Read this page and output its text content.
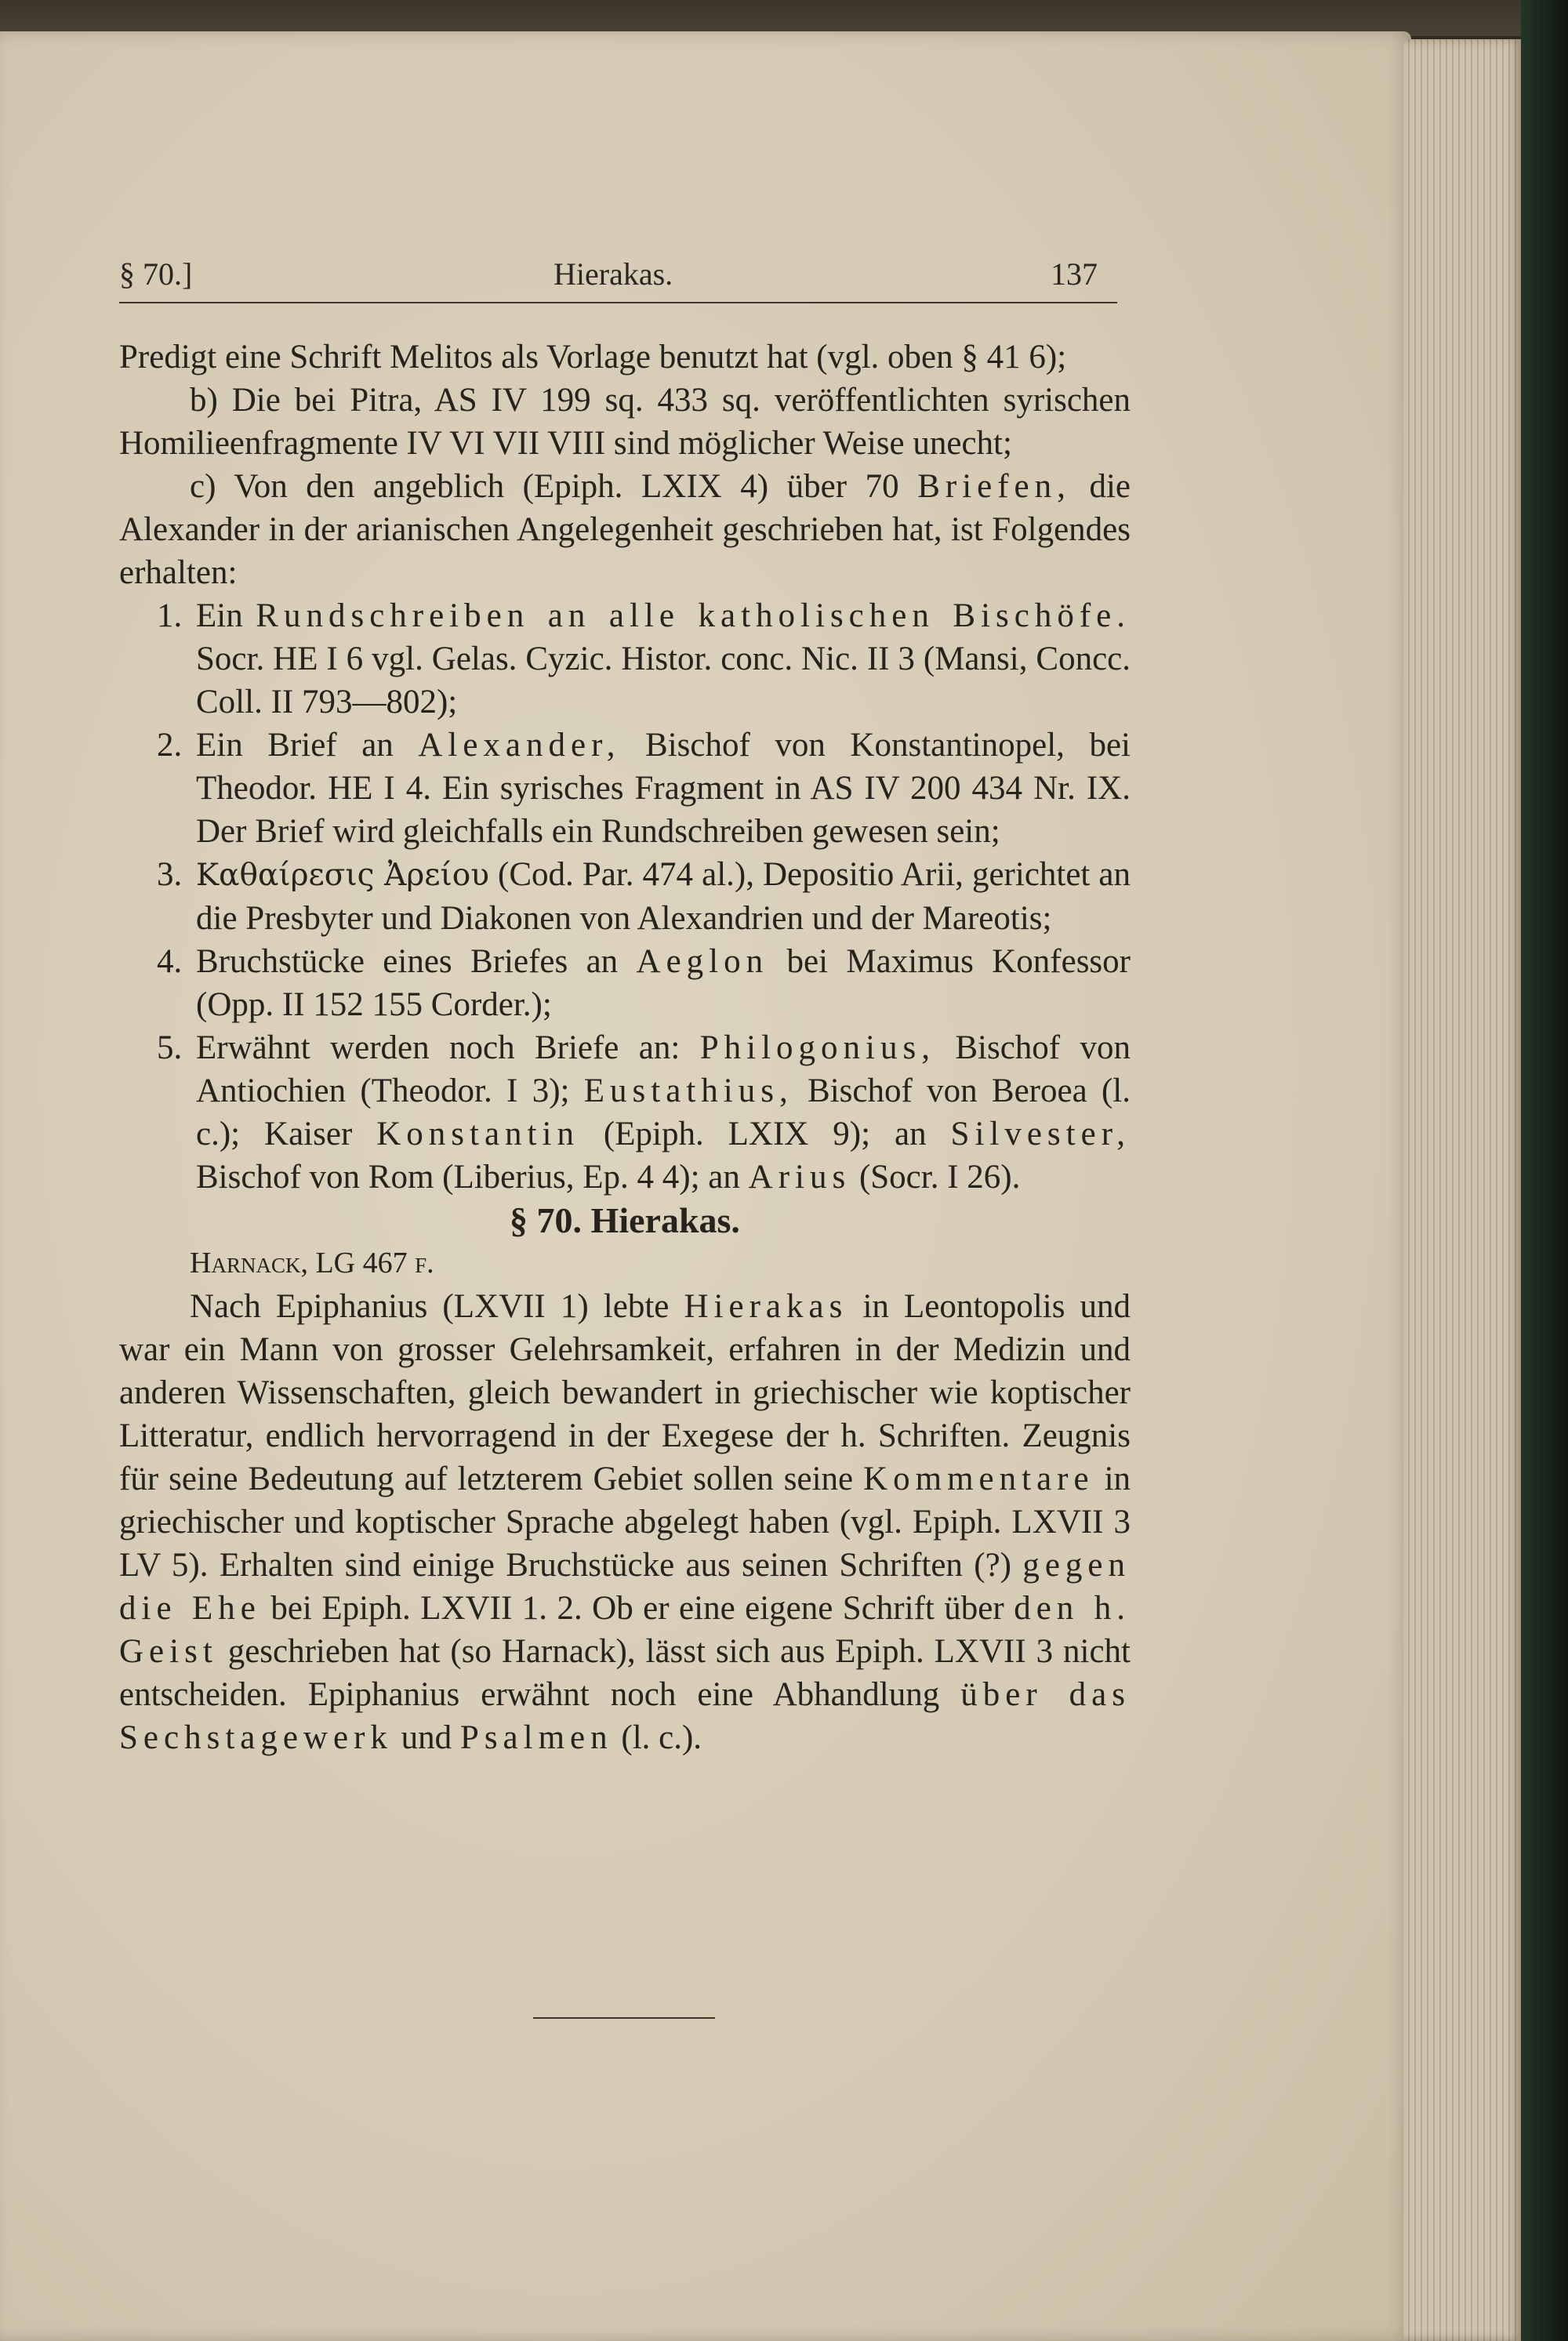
§ 70.]	Hierakas.	137

Predigt eine Schrift Melitos als Vorlage benutzt hat (vgl. oben § 41 6);

b) Die bei Pitra, AS IV 199 sq. 433 sq. veröffentlichten syrischen Homilieenfragmente IV VI VII VIII sind möglicher Weise unecht;

c) Von den angeblich (Epiph. LXIX 4) über 70 Briefen, die Alexander in der arianischen Angelegenheit geschrieben hat, ist Folgendes erhalten:

1. Ein Rundschreiben an alle katholischen Bischöfe. Socr. HE I 6 vgl. Gelas. Cyzic. Histor. conc. Nic. II 3 (Mansi, Concc. Coll. II 793—802);

2. Ein Brief an Alexander, Bischof von Konstantinopel, bei Theodor. HE I 4. Ein syrisches Fragment in AS IV 200 434 Nr. IX. Der Brief wird gleichfalls ein Rundschreiben gewesen sein;

3. Καθαίρεσις Ἀρείου (Cod. Par. 474 al.), Depositio Arii, gerichtet an die Presbyter und Diakonen von Alexandrien und der Mareotis;

4. Bruchstücke eines Briefes an Aeglon bei Maximus Konfessor (Opp. II 152 155 Corder.);

5. Erwähnt werden noch Briefe an: Philogonius, Bischof von Antiochien (Theodor. I 3); Eustathius, Bischof von Beroea (l. c.); Kaiser Konstantin (Epiph. LXIX 9); an Silvester, Bischof von Rom (Liberius, Ep. 4 4); an Arius (Socr. I 26).

§ 70. Hierakas.

Harnack, LG 467 f.

Nach Epiphanius (LXVII 1) lebte Hierakas in Leontopolis und war ein Mann von grosser Gelehrsamkeit, erfahren in der Medizin und anderen Wissenschaften, gleich bewandert in griechischer wie koptischer Litteratur, endlich hervorragend in der Exegese der h. Schriften. Zeugnis für seine Bedeutung auf letzterem Gebiet sollen seine Kommentare in griechischer und koptischer Sprache abgelegt haben (vgl. Epiph. LXVII 3 LV 5). Erhalten sind einige Bruchstücke aus seinen Schriften (?) gegen die Ehe bei Epiph. LXVII 1. 2. Ob er eine eigene Schrift über den h. Geist geschrieben hat (so Harnack), lässt sich aus Epiph. LXVII 3 nicht entscheiden. Epiphanius erwähnt noch eine Abhandlung über das Sechstagewerk und Psalmen (l. c.).
